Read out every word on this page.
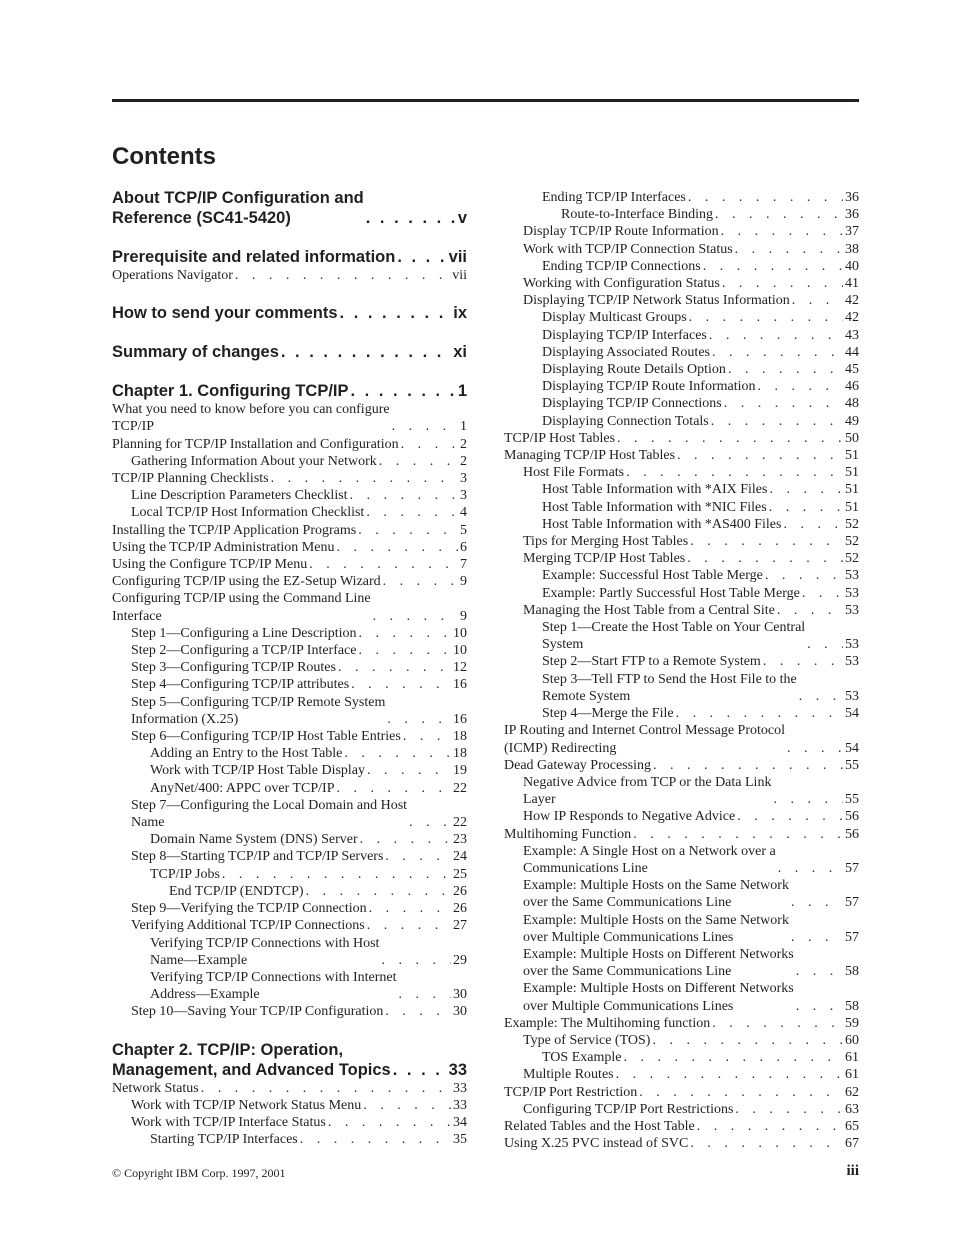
Contents
About TCP/IP Configuration and
Reference (SC41-5420) . . .	v
Prerequisite and related information . . .	vii
Operations Navigator . . .	vii
How to send your comments . . .	ix
Summary of changes . . .	xi
Chapter 1. Configuring TCP/IP . . .	1
What you need to know before you can configure
TCP/IP . . .	1
Planning for TCP/IP Installation and Configuration . . .	2
Gathering Information About your Network . . .	2
TCP/IP Planning Checklists . . .	3
Line Description Parameters Checklist . . .	3
Local TCP/IP Host Information Checklist . . .	4
Installing the TCP/IP Application Programs . . .	5
Using the TCP/IP Administration Menu . . .	6
Using the Configure TCP/IP Menu . . .	7
Configuring TCP/IP using the EZ-Setup Wizard . . .	9
Configuring TCP/IP using the Command Line
Interface . . .	9
Step 1—Configuring a Line Description . . .	10
Step 2—Configuring a TCP/IP Interface . . .	10
Step 3—Configuring TCP/IP Routes . . .	12
Step 4—Configuring TCP/IP attributes . . .	16
Step 5—Configuring TCP/IP Remote System
Information (X.25) . . .	16
Step 6—Configuring TCP/IP Host Table Entries . . .	18
Adding an Entry to the Host Table . . .	18
Work with TCP/IP Host Table Display . . .	19
AnyNet/400: APPC over TCP/IP . . .	22
Step 7—Configuring the Local Domain and Host
Name . . .	22
Domain Name System (DNS) Server . . .	23
Step 8—Starting TCP/IP and TCP/IP Servers . . .	24
TCP/IP Jobs . . .	25
End TCP/IP (ENDTCP) . . .	26
Step 9—Verifying the TCP/IP Connection . . .	26
Verifying Additional TCP/IP Connections . . .	27
Verifying TCP/IP Connections with Host
Name—Example . . .	29
Verifying TCP/IP Connections with Internet
Address—Example . . .	30
Step 10—Saving Your TCP/IP Configuration . . .	30
Chapter 2. TCP/IP: Operation,
Management, and Advanced Topics . . .	33
Network Status . . .	33
Work with TCP/IP Network Status Menu . . .	33
Work with TCP/IP Interface Status . . .	34
Starting TCP/IP Interfaces . . .	35
Ending TCP/IP Interfaces . . .	36
Route-to-Interface Binding . . .	36
Display TCP/IP Route Information . . .	37
Work with TCP/IP Connection Status . . .	38
Ending TCP/IP Connections . . .	40
Working with Configuration Status . . .	41
Displaying TCP/IP Network Status Information . . .	42
Display Multicast Groups . . .	42
Displaying TCP/IP Interfaces . . .	43
Displaying Associated Routes . . .	44
Displaying Route Details Option . . .	45
Displaying TCP/IP Route Information . . .	46
Displaying TCP/IP Connections . . .	48
Displaying Connection Totals . . .	49
TCP/IP Host Tables . . .	50
Managing TCP/IP Host Tables . . .	51
Host File Formats . . .	51
Host Table Information with *AIX Files . . .	51
Host Table Information with *NIC Files . . .	51
Host Table Information with *AS400 Files . . .	52
Tips for Merging Host Tables . . .	52
Merging TCP/IP Host Tables . . .	52
Example: Successful Host Table Merge . . .	53
Example: Partly Successful Host Table Merge . . .	53
Managing the Host Table from a Central Site . . .	53
Step 1—Create the Host Table on Your Central
System . . .	53
Step 2—Start FTP to a Remote System . . .	53
Step 3—Tell FTP to Send the Host File to the
Remote System . . .	53
Step 4—Merge the File . . .	54
IP Routing and Internet Control Message Protocol
(ICMP) Redirecting . . .	54
Dead Gateway Processing . . .	55
Negative Advice from TCP or the Data Link
Layer . . .	55
How IP Responds to Negative Advice . . .	56
Multihoming Function . . .	56
Example: A Single Host on a Network over a
Communications Line . . .	57
Example: Multiple Hosts on the Same Network
over the Same Communications Line . . .	57
Example: Multiple Hosts on the Same Network
over Multiple Communications Lines . . .	57
Example: Multiple Hosts on Different Networks
over the Same Communications Line . . .	58
Example: Multiple Hosts on Different Networks
over Multiple Communications Lines . . .	58
Example: The Multihoming function . . .	59
Type of Service (TOS) . . .	60
TOS Example . . .	61
Multiple Routes . . .	61
TCP/IP Port Restriction . . .	62
Configuring TCP/IP Port Restrictions . . .	63
Related Tables and the Host Table . . .	65
Using X.25 PVC instead of SVC . . .	67
© Copyright IBM Corp. 1997, 2001	iii
